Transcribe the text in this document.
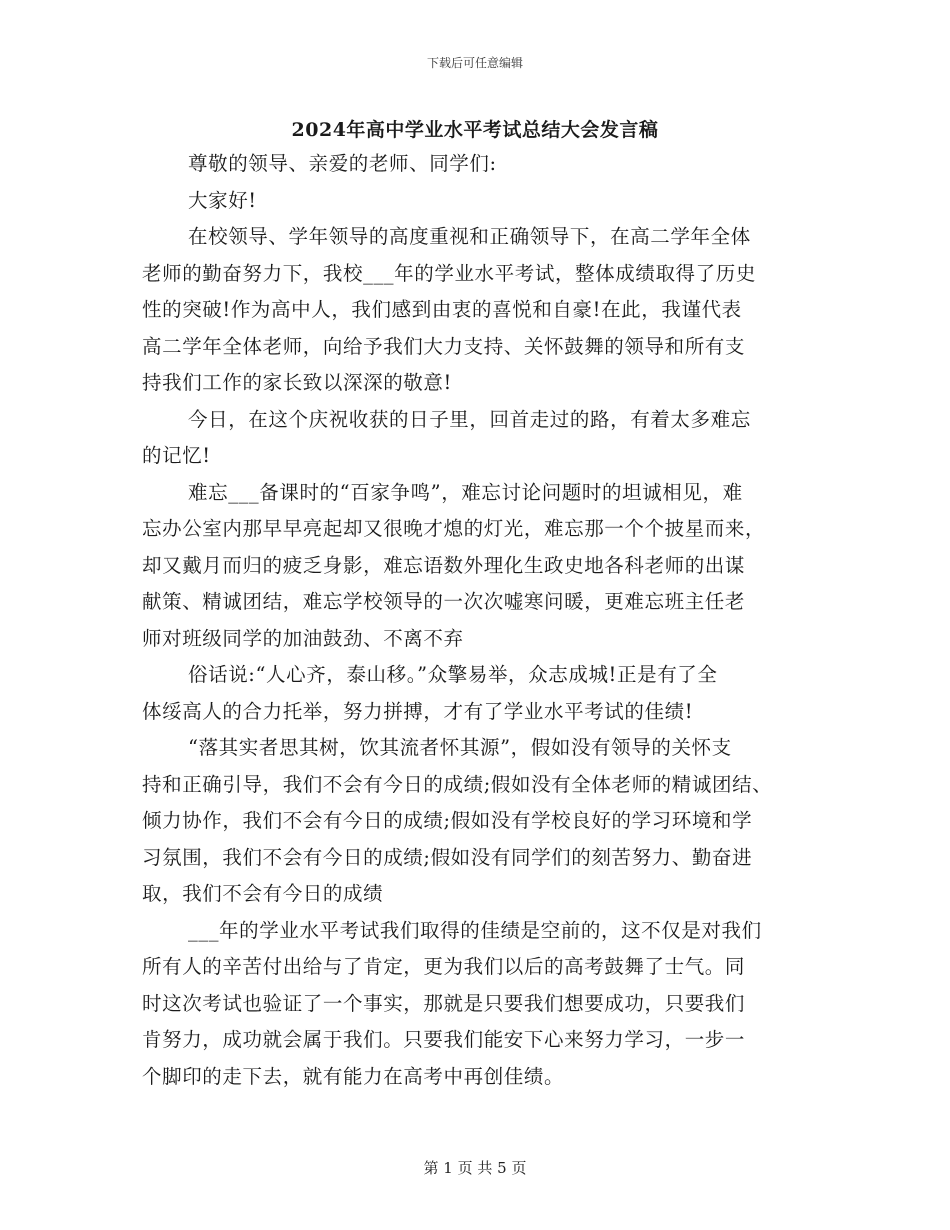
下载后可任意编辑
2024年高中学业水平考试总结大会发言稿
尊敬的领导、亲爱的老师、同学们:
大家好!
在校领导、学年领导的高度重视和正确领导下，在高二学年全体
老师的勤奋努力下，我校___年的学业水平考试，整体成绩取得了历史
性的突破!作为高中人，我们感到由衷的喜悦和自豪!在此，我谨代表
高二学年全体老师，向给予我们大力支持、关怀鼓舞的领导和所有支
持我们工作的家长致以深深的敬意!
今日，在这个庆祝收获的日子里，回首走过的路，有着太多难忘
的记忆!
难忘___备课时的“百家争鸣”，难忘讨论问题时的坦诚相见，难
忘办公室内那早早亮起却又很晚才熄的灯光，难忘那一个个披星而来，
却又戴月而归的疲乏身影，难忘语数外理化生政史地各科老师的出谋
献策、精诚团结，难忘学校领导的一次次嘘寒问暖，更难忘班主任老
师对班级同学的加油鼓劲、不离不弃
俗话说:“人心齐，泰山移。”众擎易举，众志成城!正是有了全
体绥高人的合力托举，努力拼搏，才有了学业水平考试的佳绩!
“落其实者思其树，饮其流者怀其源”，假如没有领导的关怀支
持和正确引导，我们不会有今日的成绩;假如没有全体老师的精诚团结、
倾力协作，我们不会有今日的成绩;假如没有学校良好的学习环境和学
习氛围，我们不会有今日的成绩;假如没有同学们的刻苦努力、勤奋进
取，我们不会有今日的成绩
___年的学业水平考试我们取得的佳绩是空前的，这不仅是对我们
所有人的辛苦付出给与了肯定，更为我们以后的高考鼓舞了士气。同
时这次考试也验证了一个事实，那就是只要我们想要成功，只要我们
肯努力，成功就会属于我们。只要我们能安下心来努力学习，一步一
个脚印的走下去，就有能力在高考中再创佳绩。
第 1 页 共 5 页
